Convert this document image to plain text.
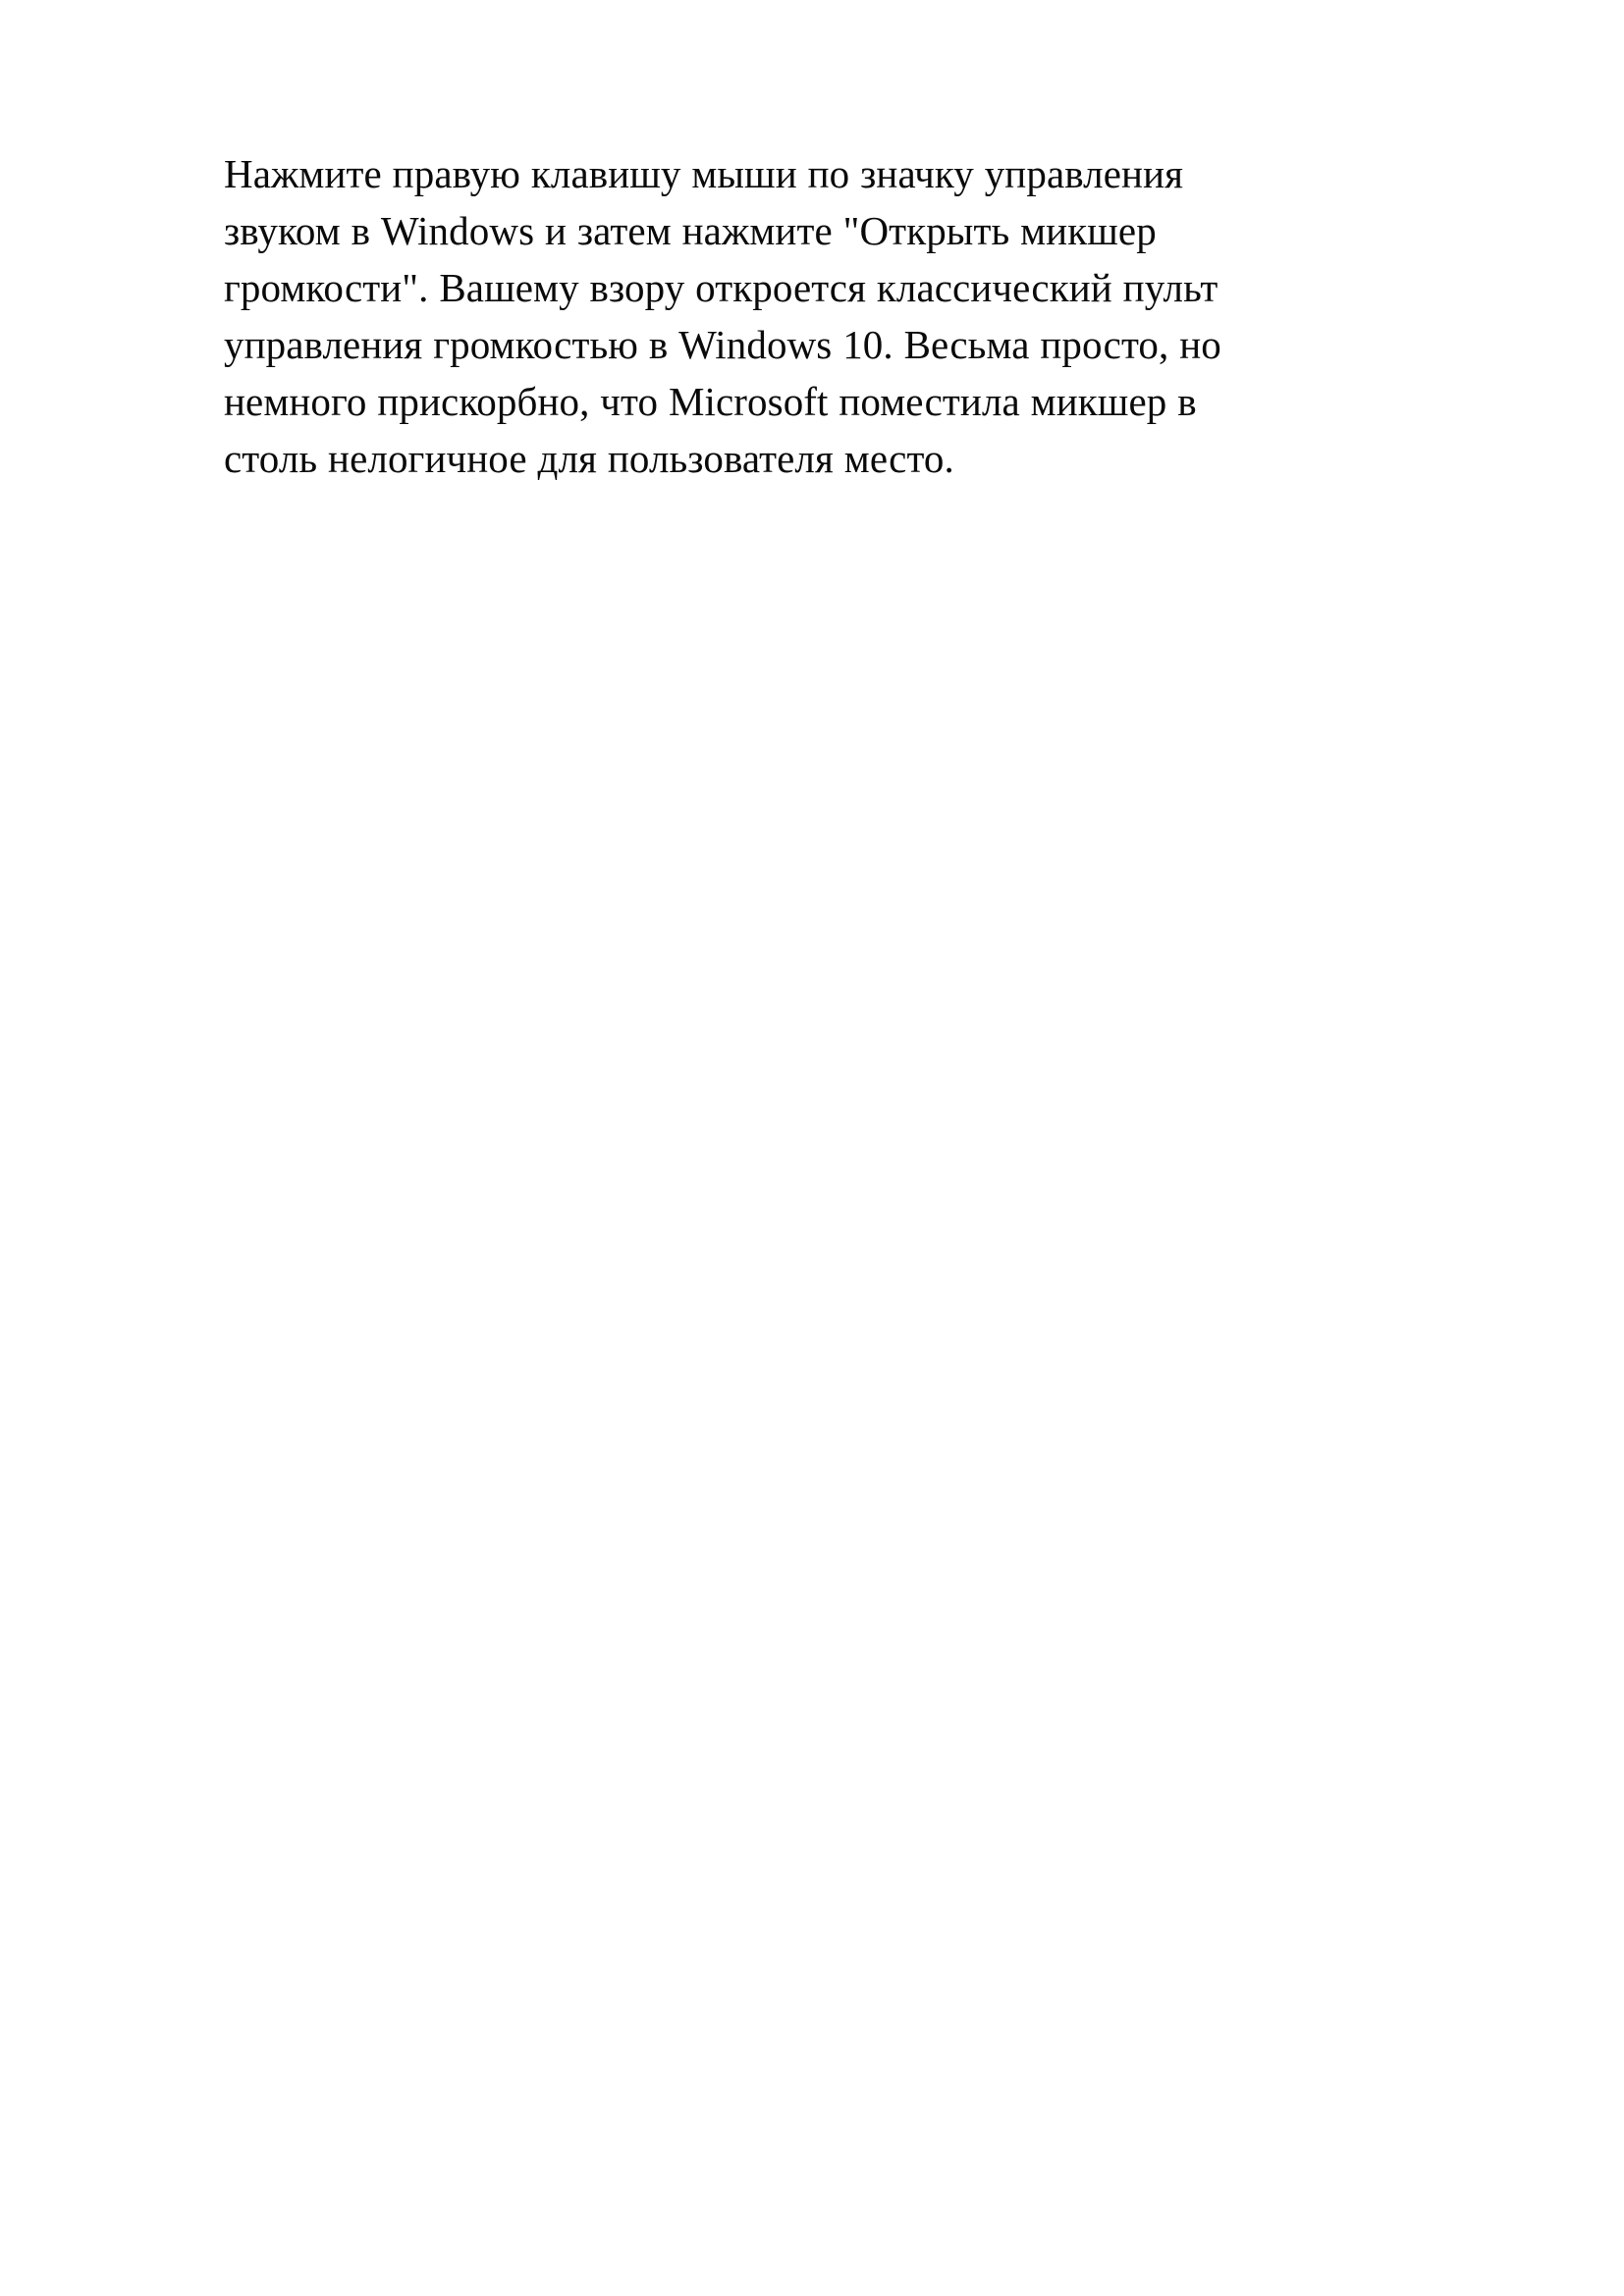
Нажмите правую клавишу мыши по значку управления звуком в Windows и затем нажмите "Открыть микшер громкости". Вашему взору откроется классический пульт управления громкостью в Windows 10. Весьма просто, но немного прискорбно, что Microsoft поместила микшер в столь нелогичное для пользователя место.
